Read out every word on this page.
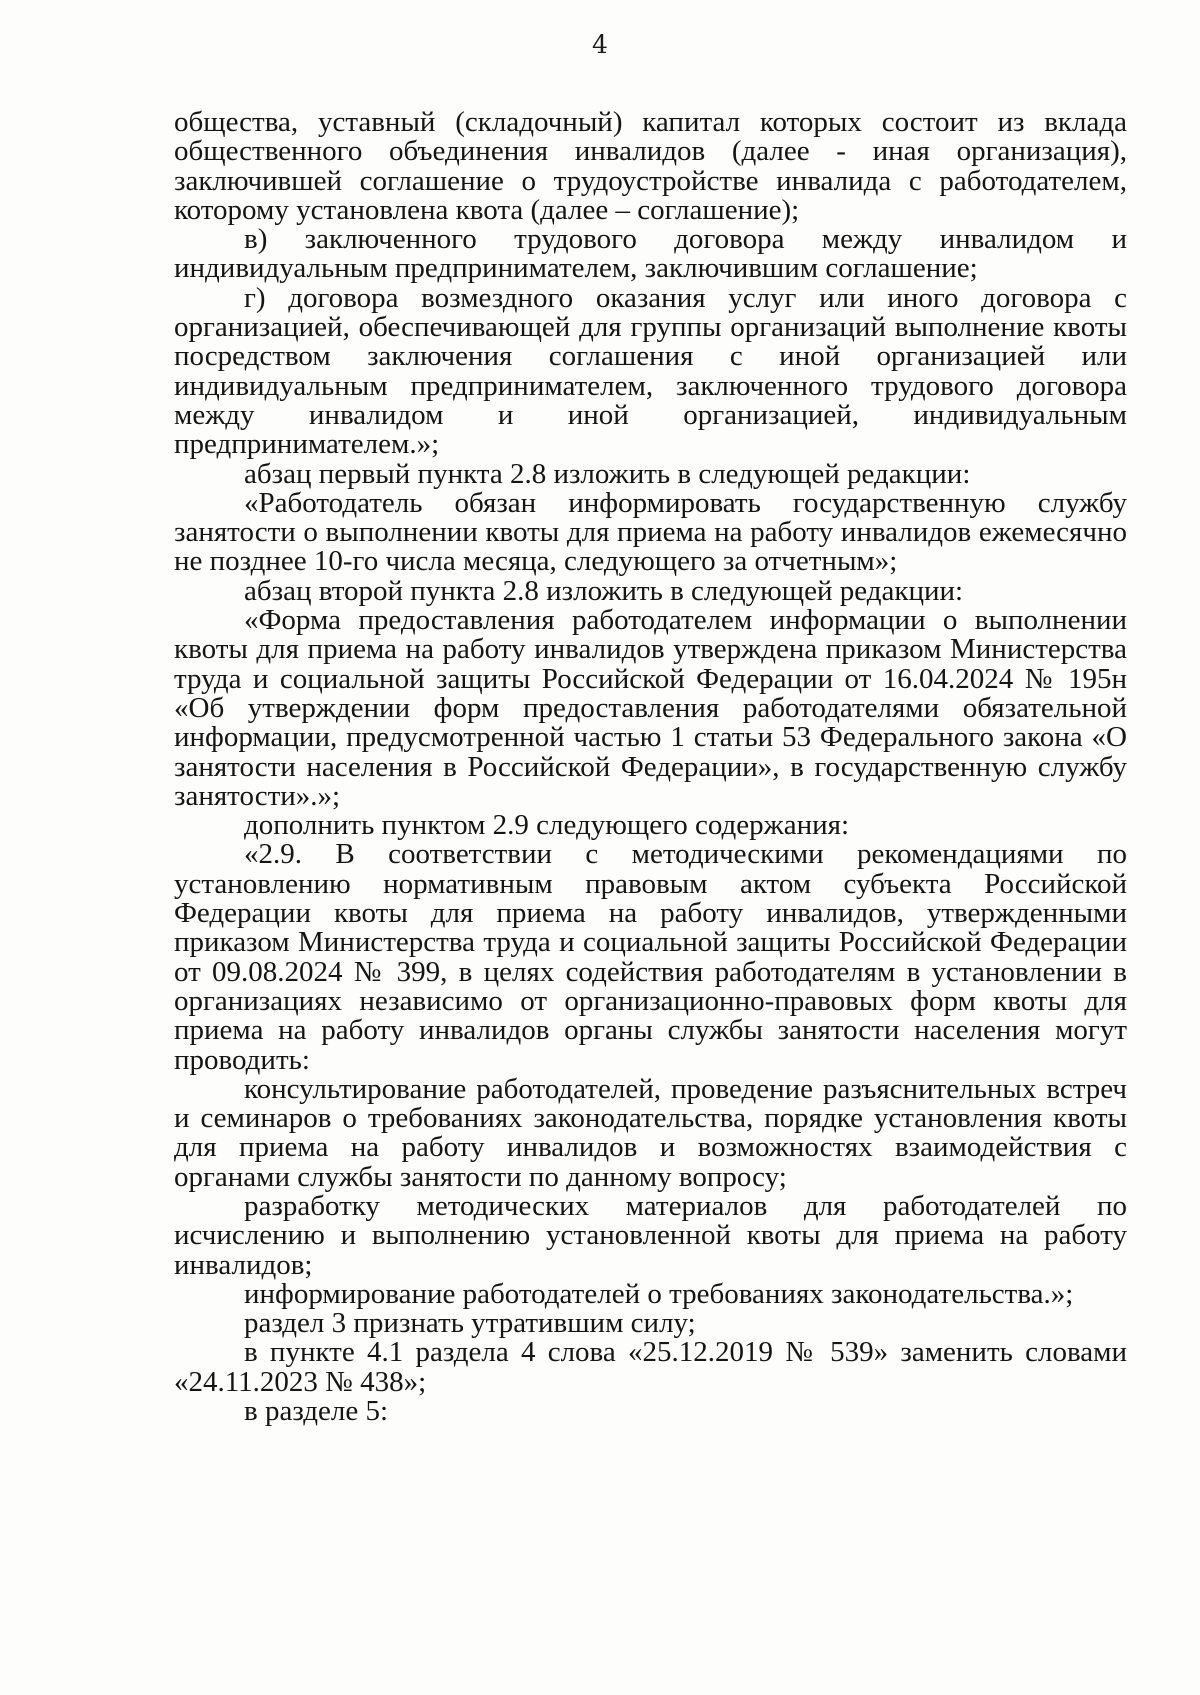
4

общества, уставный (складочный) капитал которых состоит из вклада общественного объединения инвалидов (далее - иная организация), заключившей соглашение о трудоустройстве инвалида с работодателем, которому установлена квота (далее – соглашение);

в) заключенного трудового договора между инвалидом и индивидуальным предпринимателем, заключившим соглашение;

г) договора возмездного оказания услуг или иного договора с организацией, обеспечивающей для группы организаций выполнение квоты посредством заключения соглашения с иной организацией или индивидуальным предпринимателем, заключенного трудового договора между инвалидом и иной организацией, индивидуальным предпринимателем.»;

абзац первый пункта 2.8 изложить в следующей редакции:

«Работодатель обязан информировать государственную службу занятости о выполнении квоты для приема на работу инвалидов ежемесячно не позднее 10-го числа месяца, следующего за отчетным»;

абзац второй пункта 2.8 изложить в следующей редакции:

«Форма предоставления работодателем информации о выполнении квоты для приема на работу инвалидов утверждена приказом Министерства труда и социальной защиты Российской Федерации от 16.04.2024 № 195н «Об утверждении форм предоставления работодателями обязательной информации, предусмотренной частью 1 статьи 53 Федерального закона «О занятости населения в Российской Федерации», в государственную службу занятости».»;

дополнить пунктом 2.9 следующего содержания:

«2.9. В соответствии с методическими рекомендациями по установлению нормативным правовым актом субъекта Российской Федерации квоты для приема на работу инвалидов, утвержденными приказом Министерства труда и социальной защиты Российской Федерации от 09.08.2024 № 399, в целях содействия работодателям в установлении в организациях независимо от организационно-правовых форм квоты для приема на работу инвалидов органы службы занятости населения могут проводить:

консультирование работодателей, проведение разъяснительных встреч и семинаров о требованиях законодательства, порядке установления квоты для приема на работу инвалидов и возможностях взаимодействия с органами службы занятости по данному вопросу;

разработку методических материалов для работодателей по исчислению и выполнению установленной квоты для приема на работу инвалидов;

информирование работодателей о требованиях законодательства.»;

раздел 3 признать утратившим силу;

в пункте 4.1 раздела 4 слова «25.12.2019 № 539» заменить словами «24.11.2023 № 438»;

в разделе 5:
